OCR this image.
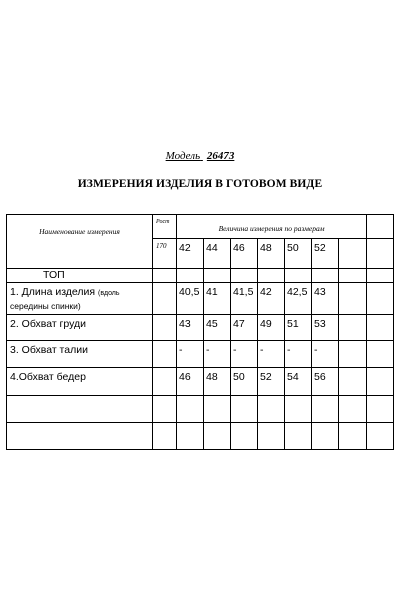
Модель 26473
ИЗМЕРЕНИЯ ИЗДЕЛИЯ В ГОТОВОМ ВИДЕ
Наименование измерения	Рост	Величина измерения по размерам							
	170	42	44	46	48	50	52		
ТОП									
1. Длина изделия (вдоль
середины спинки)		40,5	41	41,5	42	42,5	43		
2. Обхват груди		43	45	47	49	51	53		
3. Обхват талии		-	-	-	-	-	-		
4.Обхват бедер		46	48	50	52	54	56		
